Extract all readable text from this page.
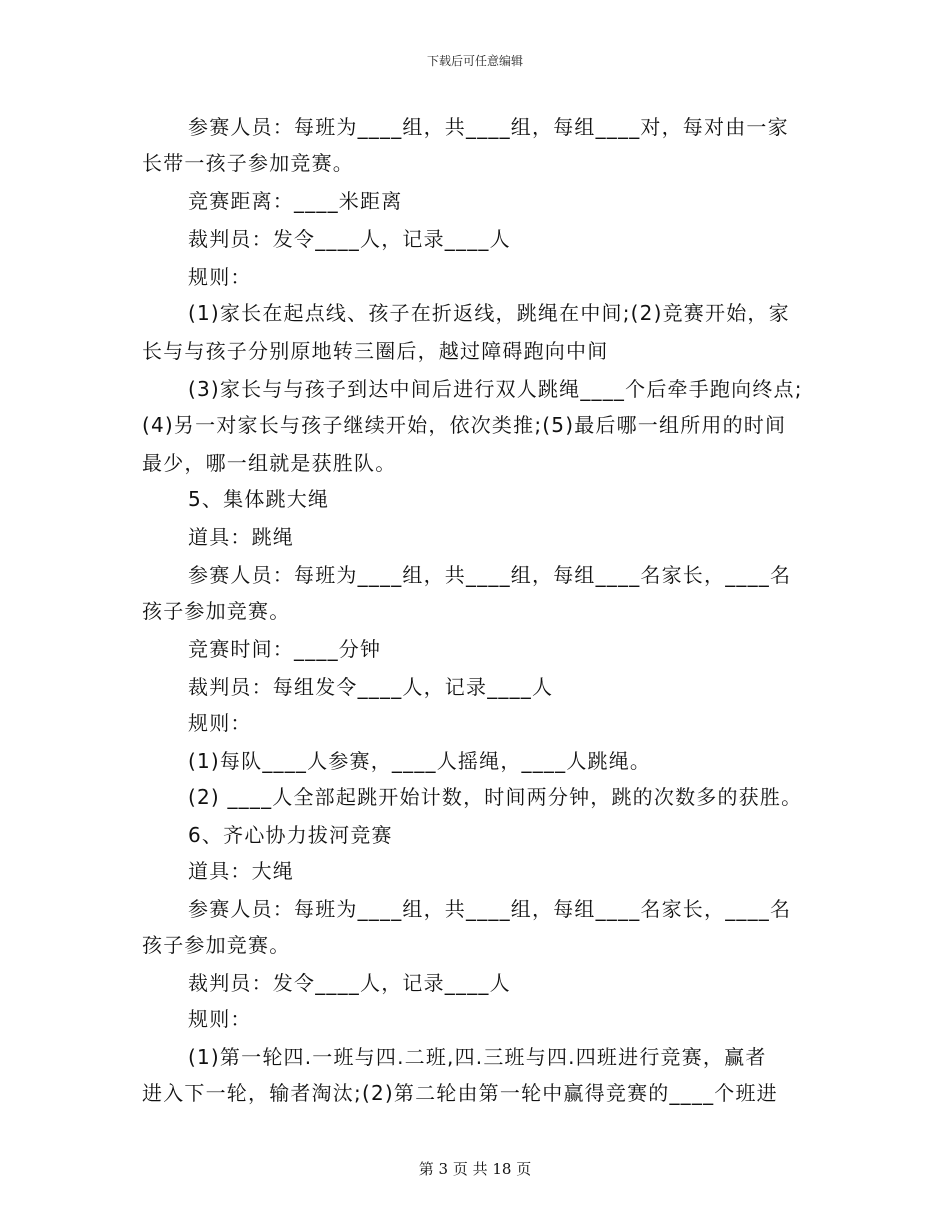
下载后可任意编辑
参赛人员：每班为____组，共____组，每组____对，每对由一家
长带一孩子参加竞赛。
竞赛距离：____米距离
裁判员：发令____人，记录____人
规则：
(1)家长在起点线、孩子在折返线，跳绳在中间;(2)竞赛开始，家
长与与孩子分别原地转三圈后，越过障碍跑向中间
(3)家长与与孩子到达中间后进行双人跳绳____个后牵手跑向终点;
(4)另一对家长与孩子继续开始，依次类推;(5)最后哪一组所用的时间
最少，哪一组就是获胜队。
5、集体跳大绳
道具：跳绳
参赛人员：每班为____组，共____组，每组____名家长，____名
孩子参加竞赛。
竞赛时间：____分钟
裁判员：每组发令____人，记录____人
规则：
(1)每队____人参赛，____人摇绳，____人跳绳。
(2) ____人全部起跳开始计数，时间两分钟，跳的次数多的获胜。
6、齐心协力拔河竞赛
道具：大绳
参赛人员：每班为____组，共____组，每组____名家长，____名
孩子参加竞赛。
裁判员：发令____人，记录____人
规则：
(1)第一轮四.一班与四.二班,四.三班与四.四班进行竞赛，赢者
进入下一轮，输者淘汰;(2)第二轮由第一轮中赢得竞赛的____个班进
第 3 页 共 18 页
